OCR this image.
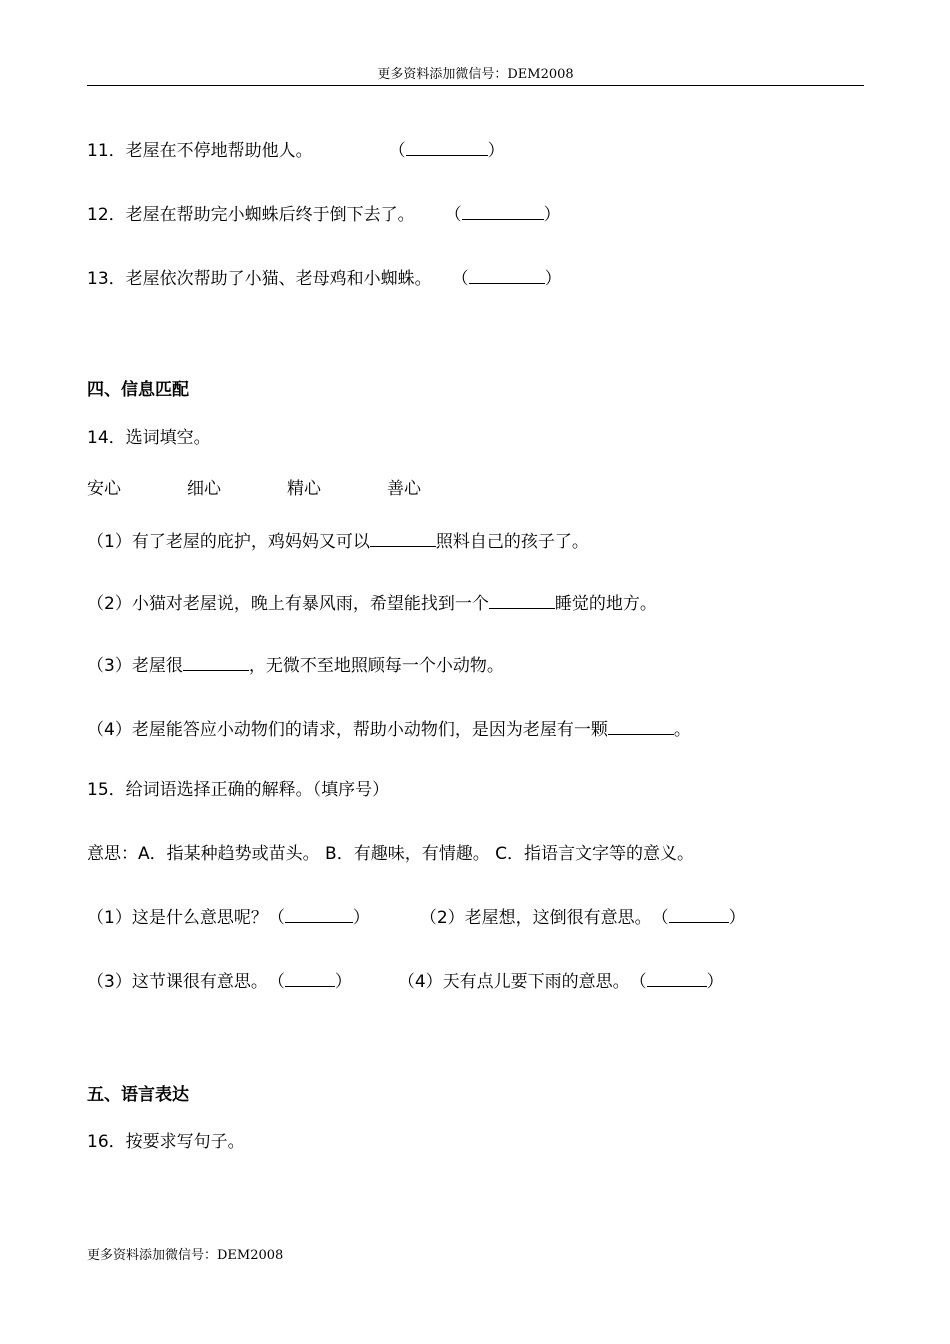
更多资料添加微信号：DEM2008
11．老屋在不停地帮助他人。	（	）
12．老屋在帮助完小蜘蛛后终于倒下去了。 （	）
13．老屋依次帮助了小猫、老母鸡和小蜘蛛。 （	）
四、信息匹配
14．选词填空。
安心	细心	精心	善心
（1）有了老屋的庇护，鸡妈妈又可以	照料自己的孩子了。
（2）小猫对老屋说，晚上有暴风雨，希望能找到一个	睡觉的地方。
（3）老屋很	，无微不至地照顾每一个小动物。
（4）老屋能答应小动物们的请求，帮助小动物们，是因为老屋有一颗	。
15．给词语选择正确的解释。（填序号）
意思：A．指某种趋势或苗头。 B．有趣味，有情趣。 C．指语言文字等的意义。
（1）这是什么意思呢？（	）	（2）老屋想，这倒很有意思。（	）
（3）这节课很有意思。（	）	（4）天有点儿要下雨的意思。（	）
五、语言表达
16．按要求写句子。
更多资料添加微信号：DEM2008
